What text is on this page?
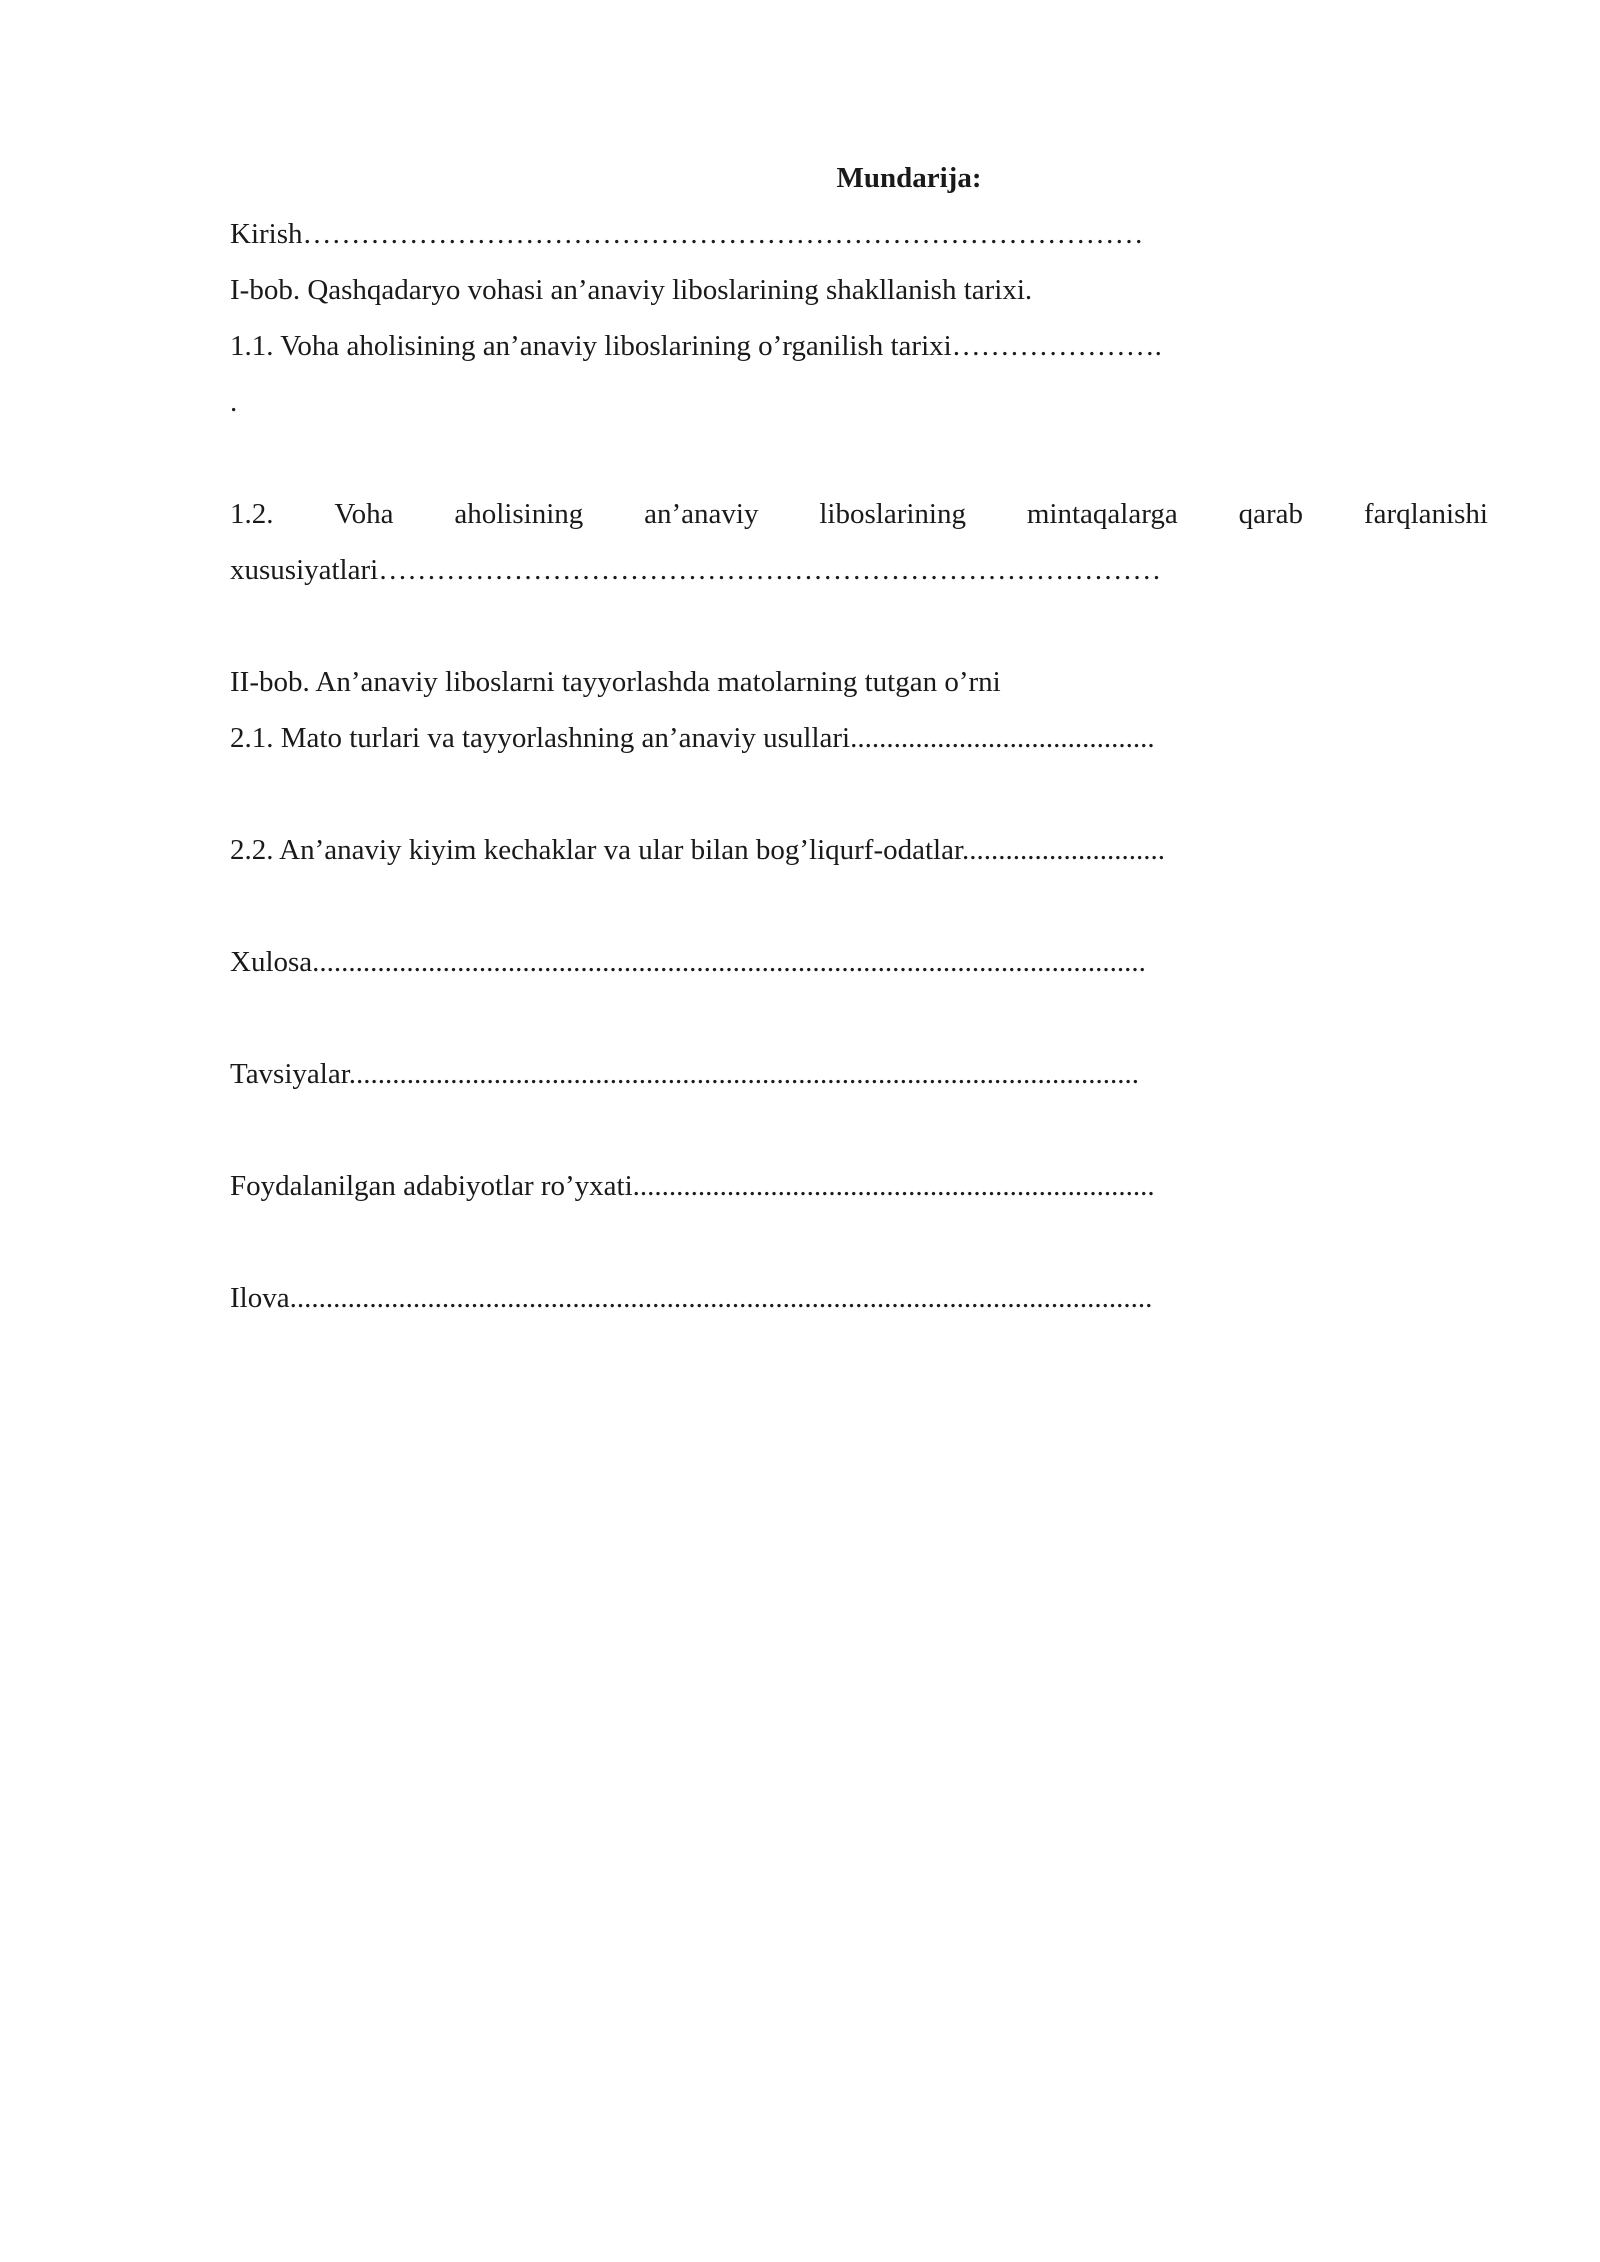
Mundarija:

Kirish……………………………………………………………………………

I-bob. Qashqadaryo vohasi an’anaviy liboslarining shakllanish tarixi.

1.1. Voha aholisining an’anaviy liboslarining o’rganilish tarixi………………….

.

1.2. Voha aholisining an’anaviy liboslarining mintaqalarga qarab farqlanishi

xususiyatlari………………………………………………………………………

II-bob. An’anaviy liboslarni tayyorlashda matolarning tutgan o’rni

2.1. Mato turlari va tayyorlashning an’anaviy usullari..........................................

2.2. An’anaviy kiyim kechaklar va ular bilan bog’liqurf-odatlar............................

Xulosa...................................................................................................................

Tavsiyalar.............................................................................................................

Foydalanilgan adabiyotlar ro’yxati........................................................................

Ilova.......................................................................................................................
